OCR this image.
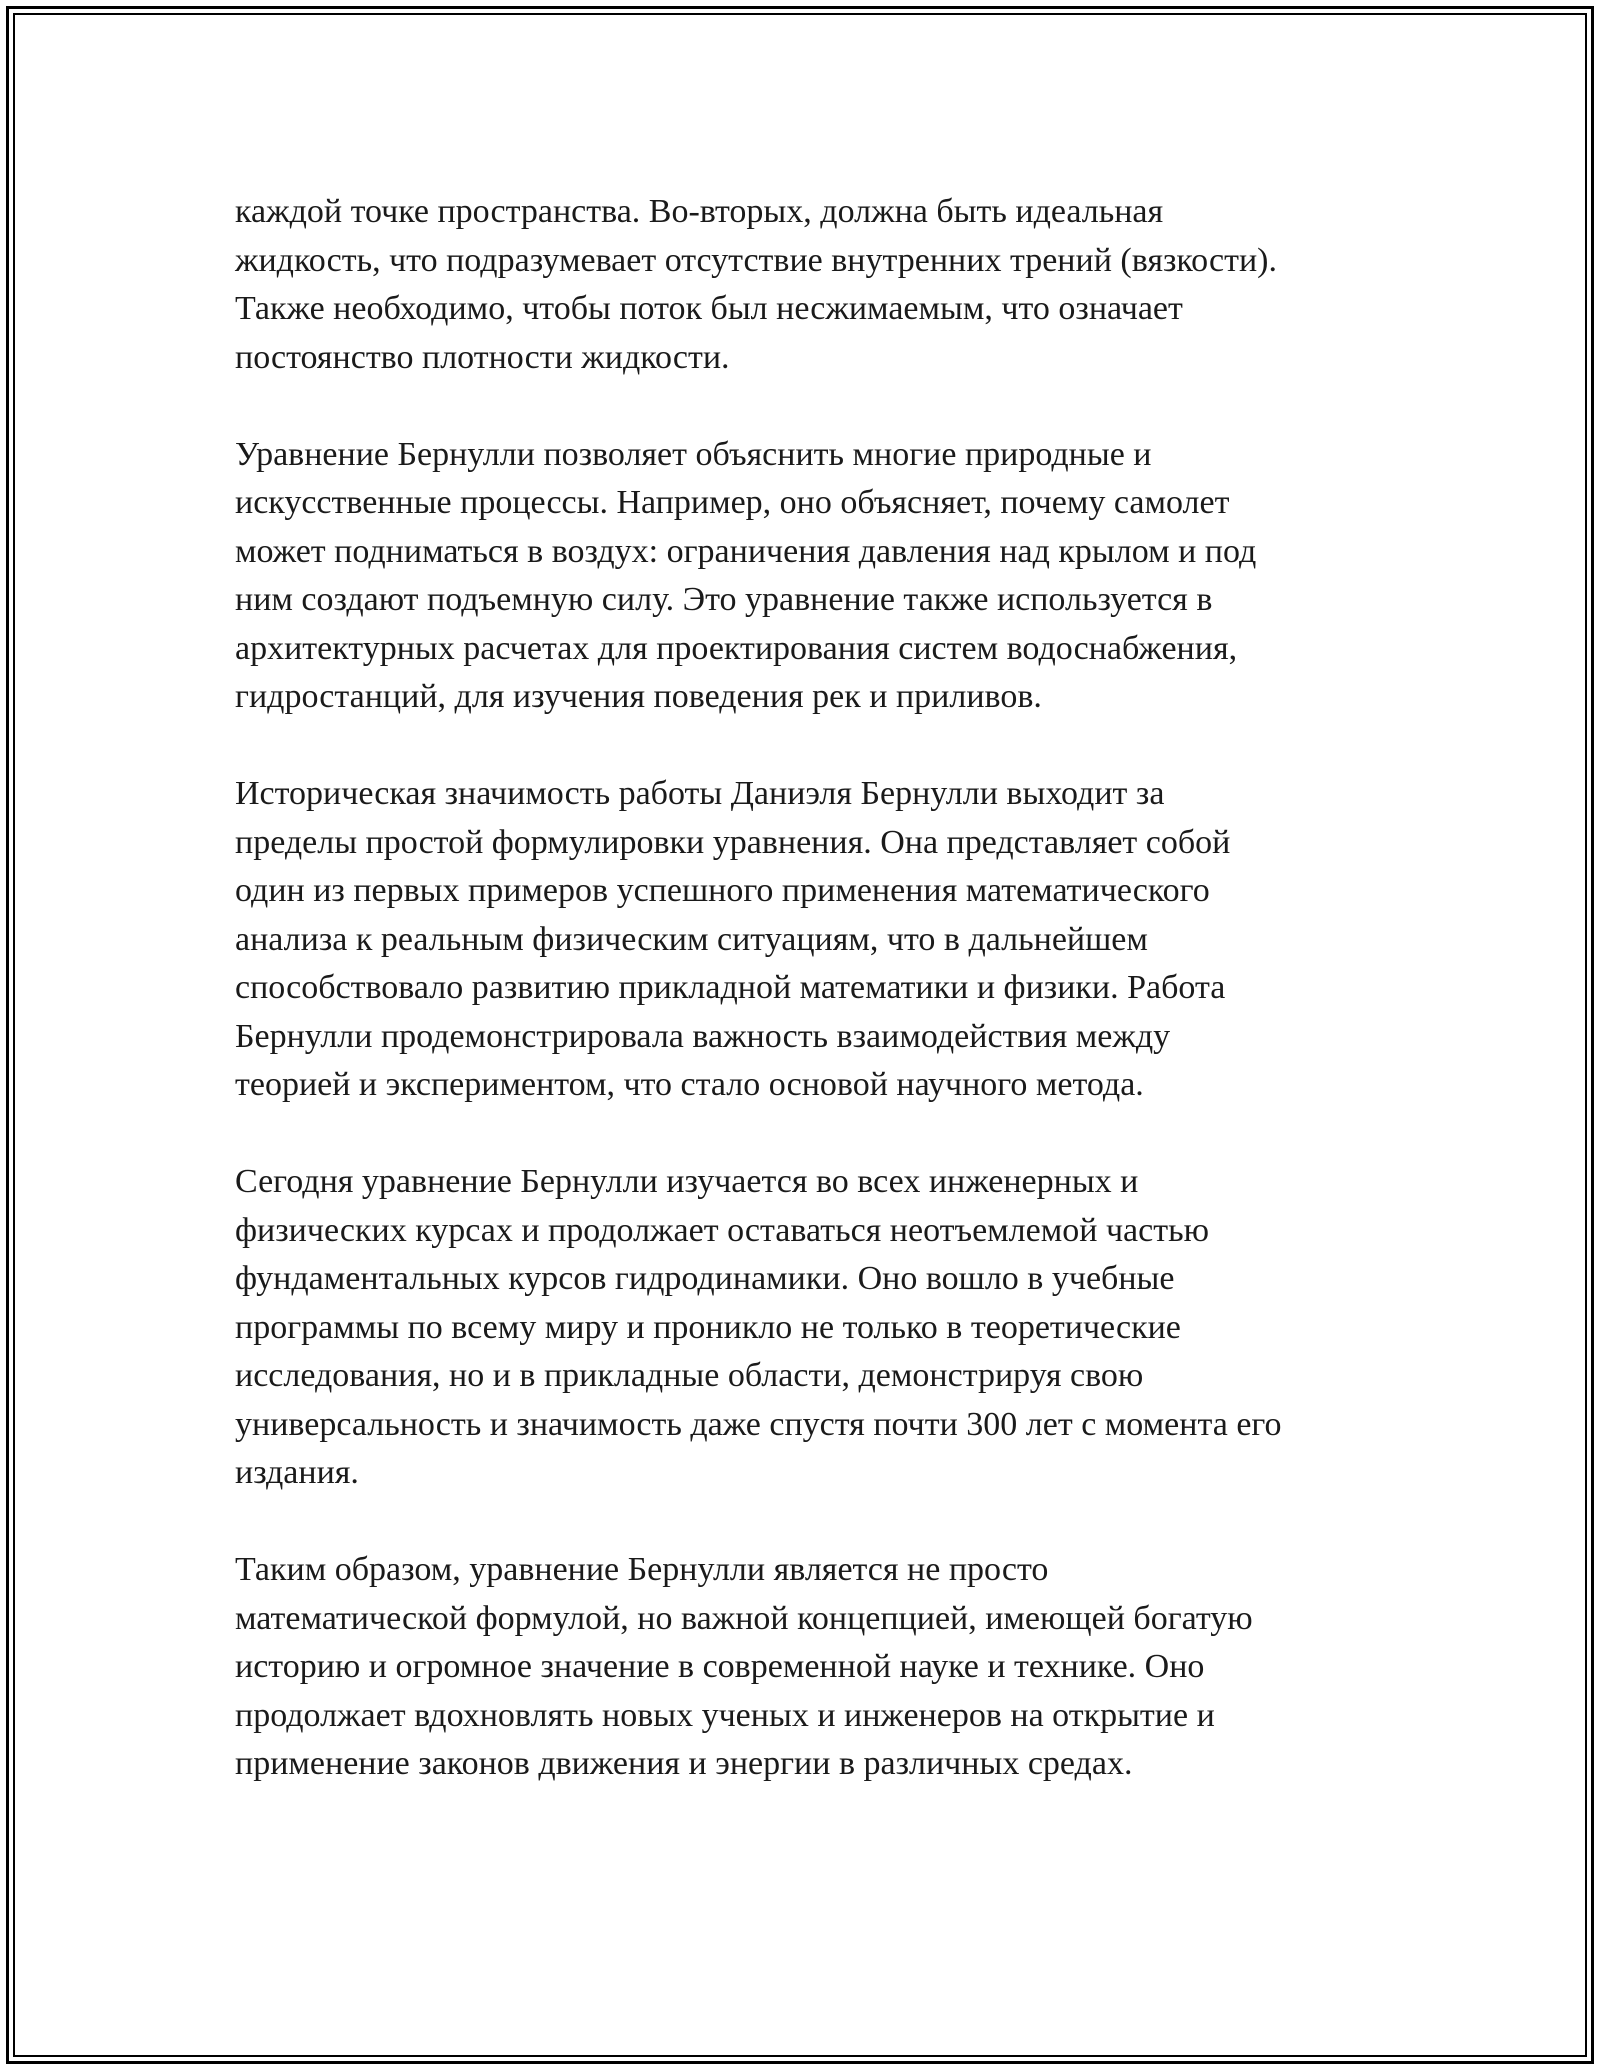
каждой точке пространства. Во-вторых, должна быть идеальная
жидкость, что подразумевает отсутствие внутренних трений (вязкости).
Также необходимо, чтобы поток был несжимаемым, что означает
постоянство плотности жидкости.

Уравнение Бернулли позволяет объяснить многие природные и
искусственные процессы. Например, оно объясняет, почему самолет
может подниматься в воздух: ограничения давления над крылом и под
ним создают подъемную силу. Это уравнение также используется в
архитектурных расчетах для проектирования систем водоснабжения,
гидростанций, для изучения поведения рек и приливов.

Историческая значимость работы Даниэля Бернулли выходит за
пределы простой формулировки уравнения. Она представляет собой
один из первых примеров успешного применения математического
анализа к реальным физическим ситуациям, что в дальнейшем
способствовало развитию прикладной математики и физики. Работа
Бернулли продемонстрировала важность взаимодействия между
теорией и экспериментом, что стало основой научного метода.

Сегодня уравнение Бернулли изучается во всех инженерных и
физических курсах и продолжает оставаться неотъемлемой частью
фундаментальных курсов гидродинамики. Оно вошло в учебные
программы по всему миру и проникло не только в теоретические
исследования, но и в прикладные области, демонстрируя свою
универсальность и значимость даже спустя почти 300 лет с момента его
издания.

Таким образом, уравнение Бернулли является не просто
математической формулой, но важной концепцией, имеющей богатую
историю и огромное значение в современной науке и технике. Оно
продолжает вдохновлять новых ученых и инженеров на открытие и
применение законов движения и энергии в различных средах.
